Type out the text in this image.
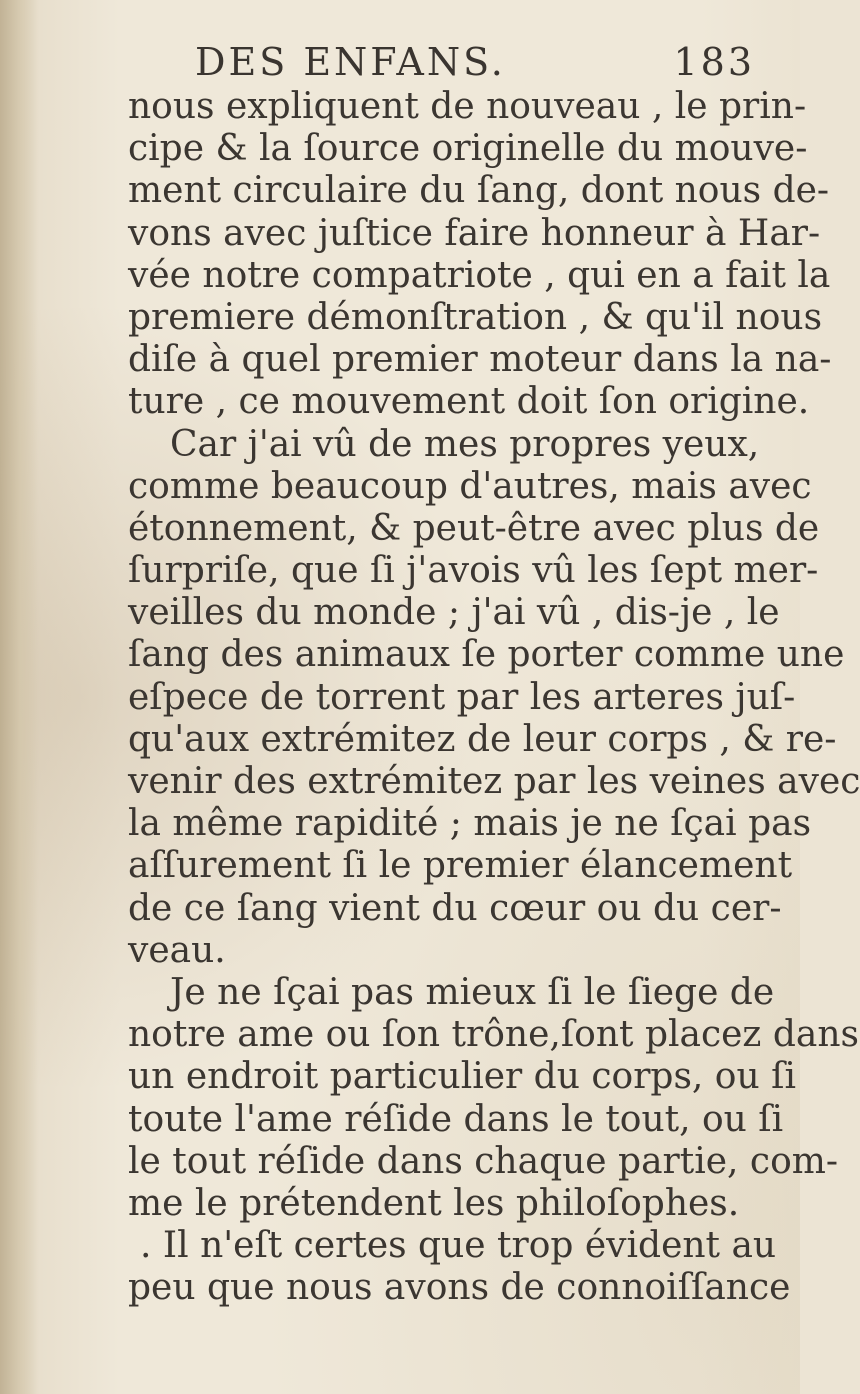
DES ENFANS.	183
nous expliquent de nouveau , le prin-
cipe & la ſource originelle du mouve-
ment circulaire du ſang, dont nous de-
vons avec juſtice faire honneur à Har-
vée notre compatriote , qui en a fait la
premiere démonſtration , & qu'il nous
diſe à quel premier moteur dans la na-
ture , ce mouvement doit ſon origine.
Car j'ai vû de mes propres yeux,
comme beaucoup d'autres, mais avec
étonnement, & peut-être avec plus de
ſurpriſe, que ſi j'avois vû les ſept mer-
veilles du monde ; j'ai vû , dis-je , le
ſang des animaux ſe porter comme une
eſpece de torrent par les arteres juſ-
qu'aux extrémitez de leur corps , & re-
venir des extrémitez par les veines avec
la même rapidité ; mais je ne ſçai pas
aſſurement ſi le premier élancement
de ce ſang vient du cœur ou du cer-
veau.
Je ne ſçai pas mieux ſi le ſiege de
notre ame ou ſon trône,ſont placez dans
un endroit particulier du corps, ou ſi
toute l'ame réſide dans le tout, ou ſi
le tout réſide dans chaque partie, com-
me le prétendent les philoſophes.
. Il n'eſt certes que trop évident au
peu que nous avons de connoiſſance
